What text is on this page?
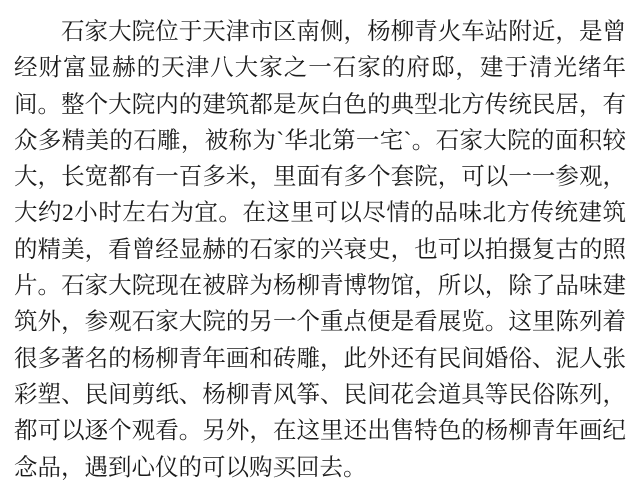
石家大院位于天津市区南侧，杨柳青火车站附近，是曾经财富显赫的天津八大家之一石家的府邸，建于清光绪年间。整个大院内的建筑都是灰白色的典型北方传统民居，有众多精美的石雕，被称为`华北第一宅`。石家大院的面积较大，长宽都有一百多米，里面有多个套院，可以一一参观，大约2小时左右为宜。在这里可以尽情的品味北方传统建筑的精美，看曾经显赫的石家的兴衰史，也可以拍摄复古的照片。石家大院现在被辟为杨柳青博物馆，所以，除了品味建筑外，参观石家大院的另一个重点便是看展览。这里陈列着很多著名的杨柳青年画和砖雕，此外还有民间婚俗、泥人张彩塑、民间剪纸、杨柳青风筝、民间花会道具等民俗陈列，都可以逐个观看。另外，在这里还出售特色的杨柳青年画纪念品，遇到心仪的可以购买回去。
